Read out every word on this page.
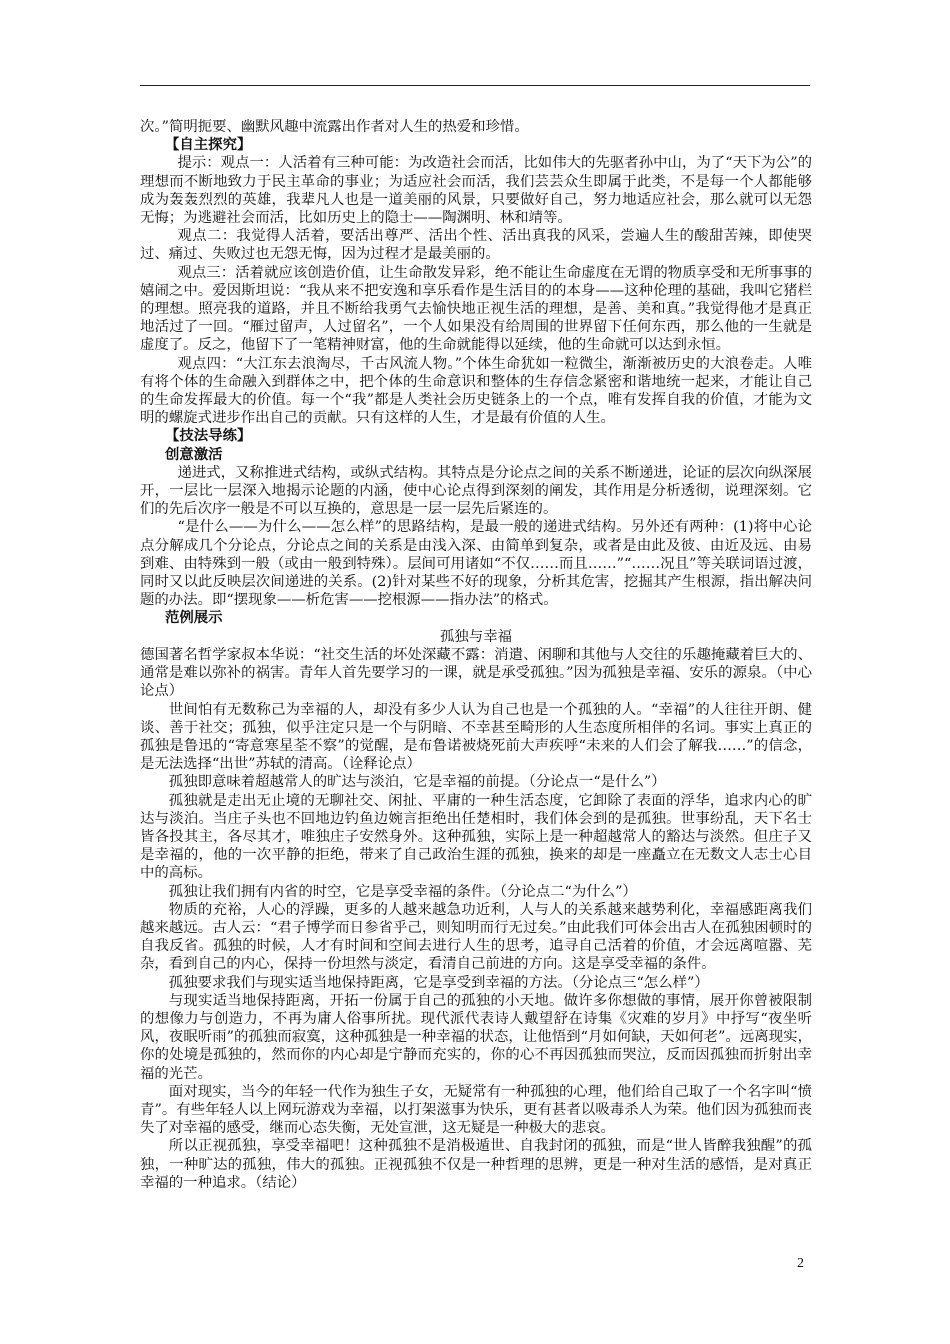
次。”简明扼要、幽默风趣中流露出作者对人生的热爱和珍惜。

【自主探究】

提示：观点一：人活着有三种可能：为改造社会而活，比如伟大的先驱者孙中山，为了“天下为公”的理想而不断地致力于民主革命的事业；为适应社会而活，我们芸芸众生即属于此类，不是每一个人都能够成为轰轰烈烈的英雄，我辈凡人也是一道美丽的风景，只要做好自己，努力地适应社会，那么就可以无怨无悔；为逃避社会而活，比如历史上的隐士——陶渊明、林和靖等。

观点二：我觉得人活着，要活出尊严、活出个性、活出真我的风采，尝遍人生的酸甜苦辣，即使哭过、痛过、失败过也无怨无悔，因为过程才是最美丽的。

观点三：活着就应该创造价值，让生命散发异彩，绝不能让生命虚度在无谓的物质享受和无所事事的嬉闹之中。爱因斯坦说：“我从来不把安逸和享乐看作是生活目的的本身——这种伦理的基础，我叫它猪栏的理想。照亮我的道路，并且不断给我勇气去愉快地正视生活的理想，是善、美和真。”我觉得他才是真正地活过了一回。“雁过留声，人过留名”，一个人如果没有给周围的世界留下任何东西，那么他的一生就是虚度了。反之，他留下了一笔精神财富，他的生命就能得以延续，他的生命就可以达到永恒。

观点四：“大江东去浪淘尽，千古风流人物。”个体生命犹如一粒微尘，渐渐被历史的大浪卷走。人唯有将个体的生命融入到群体之中，把个体的生命意识和整体的生存信念紧密和谐地统一起来，才能让自己的生命发挥最大的价值。每一个“我”都是人类社会历史链条上的一个点，唯有发挥自我的价值，才能为文明的螺旋式进步作出自己的贡献。只有这样的人生，才是最有价值的人生。

【技法导练】

创意激活

递进式，又称推进式结构，或纵式结构。其特点是分论点之间的关系不断递进，论证的层次向纵深展开，一层比一层深入地揭示论题的内涵，使中心论点得到深刻的阐发，其作用是分析透彻，说理深刻。它们的先后次序一般是不可以互换的，意思是一层一层先后紧连的。

“是什么——为什么——怎么样”的思路结构，是最一般的递进式结构。另外还有两种：(1)将中心论点分解成几个分论点，分论点之间的关系是由浅入深、由简单到复杂，或者是由此及彼、由近及远、由易到难、由特殊到一般（或由一般到特殊）。层间可用诸如“不仅……而且……”“……况且”等关联词语过渡，同时又以此反映层次间递进的关系。(2)针对某些不好的现象，分析其危害，挖掘其产生根源，指出解决问题的办法。即“摆现象——析危害——挖根源——指办法”的格式。

范例展示

孤独与幸福

德国著名哲学家叔本华说：“社交生活的坏处深藏不露：消遣、闲聊和其他与人交往的乐趣掩藏着巨大的、通常是难以弥补的祸害。青年人首先要学习的一课，就是承受孤独。”因为孤独是幸福、安乐的源泉。（中心论点）

世间怕有无数称己为幸福的人，却没有多少人认为自己也是一个孤独的人。“幸福”的人往往开朗、健谈、善于社交；孤独，似乎注定只是一个与阴暗、不幸甚至畸形的人生态度所相伴的名词。事实上真正的孤独是鲁迅的“寄意寒星荃不察”的觉醒，是布鲁诺被烧死前大声疾呼“未来的人们会了解我……”的信念，是无法选择“出世”苏轼的清高。（诠释论点）

孤独即意味着超越常人的旷达与淡泊，它是幸福的前提。（分论点一“是什么”）

孤独就是走出无止境的无聊社交、闲扯、平庸的一种生活态度，它卸除了表面的浮华，追求内心的旷达与淡泊。当庄子头也不回地边钓鱼边婉言拒绝出任楚相时，我们体会到的是孤独。世事纷乱，天下名士皆各投其主，各尽其才，唯独庄子安然身外。这种孤独，实际上是一种超越常人的豁达与淡然。但庄子又是幸福的，他的一次平静的拒绝，带来了自己政治生涯的孤独，换来的却是一座矗立在无数文人志士心目中的高标。

孤独让我们拥有内省的时空，它是享受幸福的条件。（分论点二“为什么”）

物质的充裕，人心的浮躁，更多的人越来越急功近利，人与人的关系越来越势利化，幸福感距离我们越来越远。古人云：“君子博学而日参省乎己，则知明而行无过矣。”由此我们可体会出古人在孤独困顿时的自我反省。孤独的时候，人才有时间和空间去进行人生的思考，追寻自己活着的价值，才会远离喧嚣、芜杂，看到自己的内心，保持一份坦然与淡定，看清自己前进的方向。这是享受幸福的条件。

孤独要求我们与现实适当地保持距离，它是享受到幸福的方法。（分论点三“怎么样”）

与现实适当地保持距离，开拓一份属于自己的孤独的小天地。做许多你想做的事情，展开你曾被限制的想像力与创造力，不再为庸人俗事所扰。现代派代表诗人戴望舒在诗集《灾难的岁月》中抒写“夜坐听风，夜眠听雨”的孤独而寂寞，这种孤独是一种幸福的状态，让他悟到“月如何缺，天如何老”。远离现实，你的处境是孤独的，然而你的内心却是宁静而充实的，你的心不再因孤独而哭泣，反而因孤独而折射出幸福的光芒。

面对现实，当今的年轻一代作为独生子女，无疑常有一种孤独的心理，他们给自己取了一个名字叫“愤青”。有些年轻人以上网玩游戏为幸福，以打架滋事为快乐，更有甚者以吸毒杀人为荣。他们因为孤独而丧失了对幸福的感受，继而心态失衡，无处宣泄，这无疑是一种极大的悲哀。

所以正视孤独，享受幸福吧！这种孤独不是消极遁世、自我封闭的孤独，而是“世人皆醉我独醒”的孤独，一种旷达的孤独，伟大的孤独。正视孤独不仅是一种哲理的思辨，更是一种对生活的感悟，是对真正幸福的一种追求。（结论）

2
